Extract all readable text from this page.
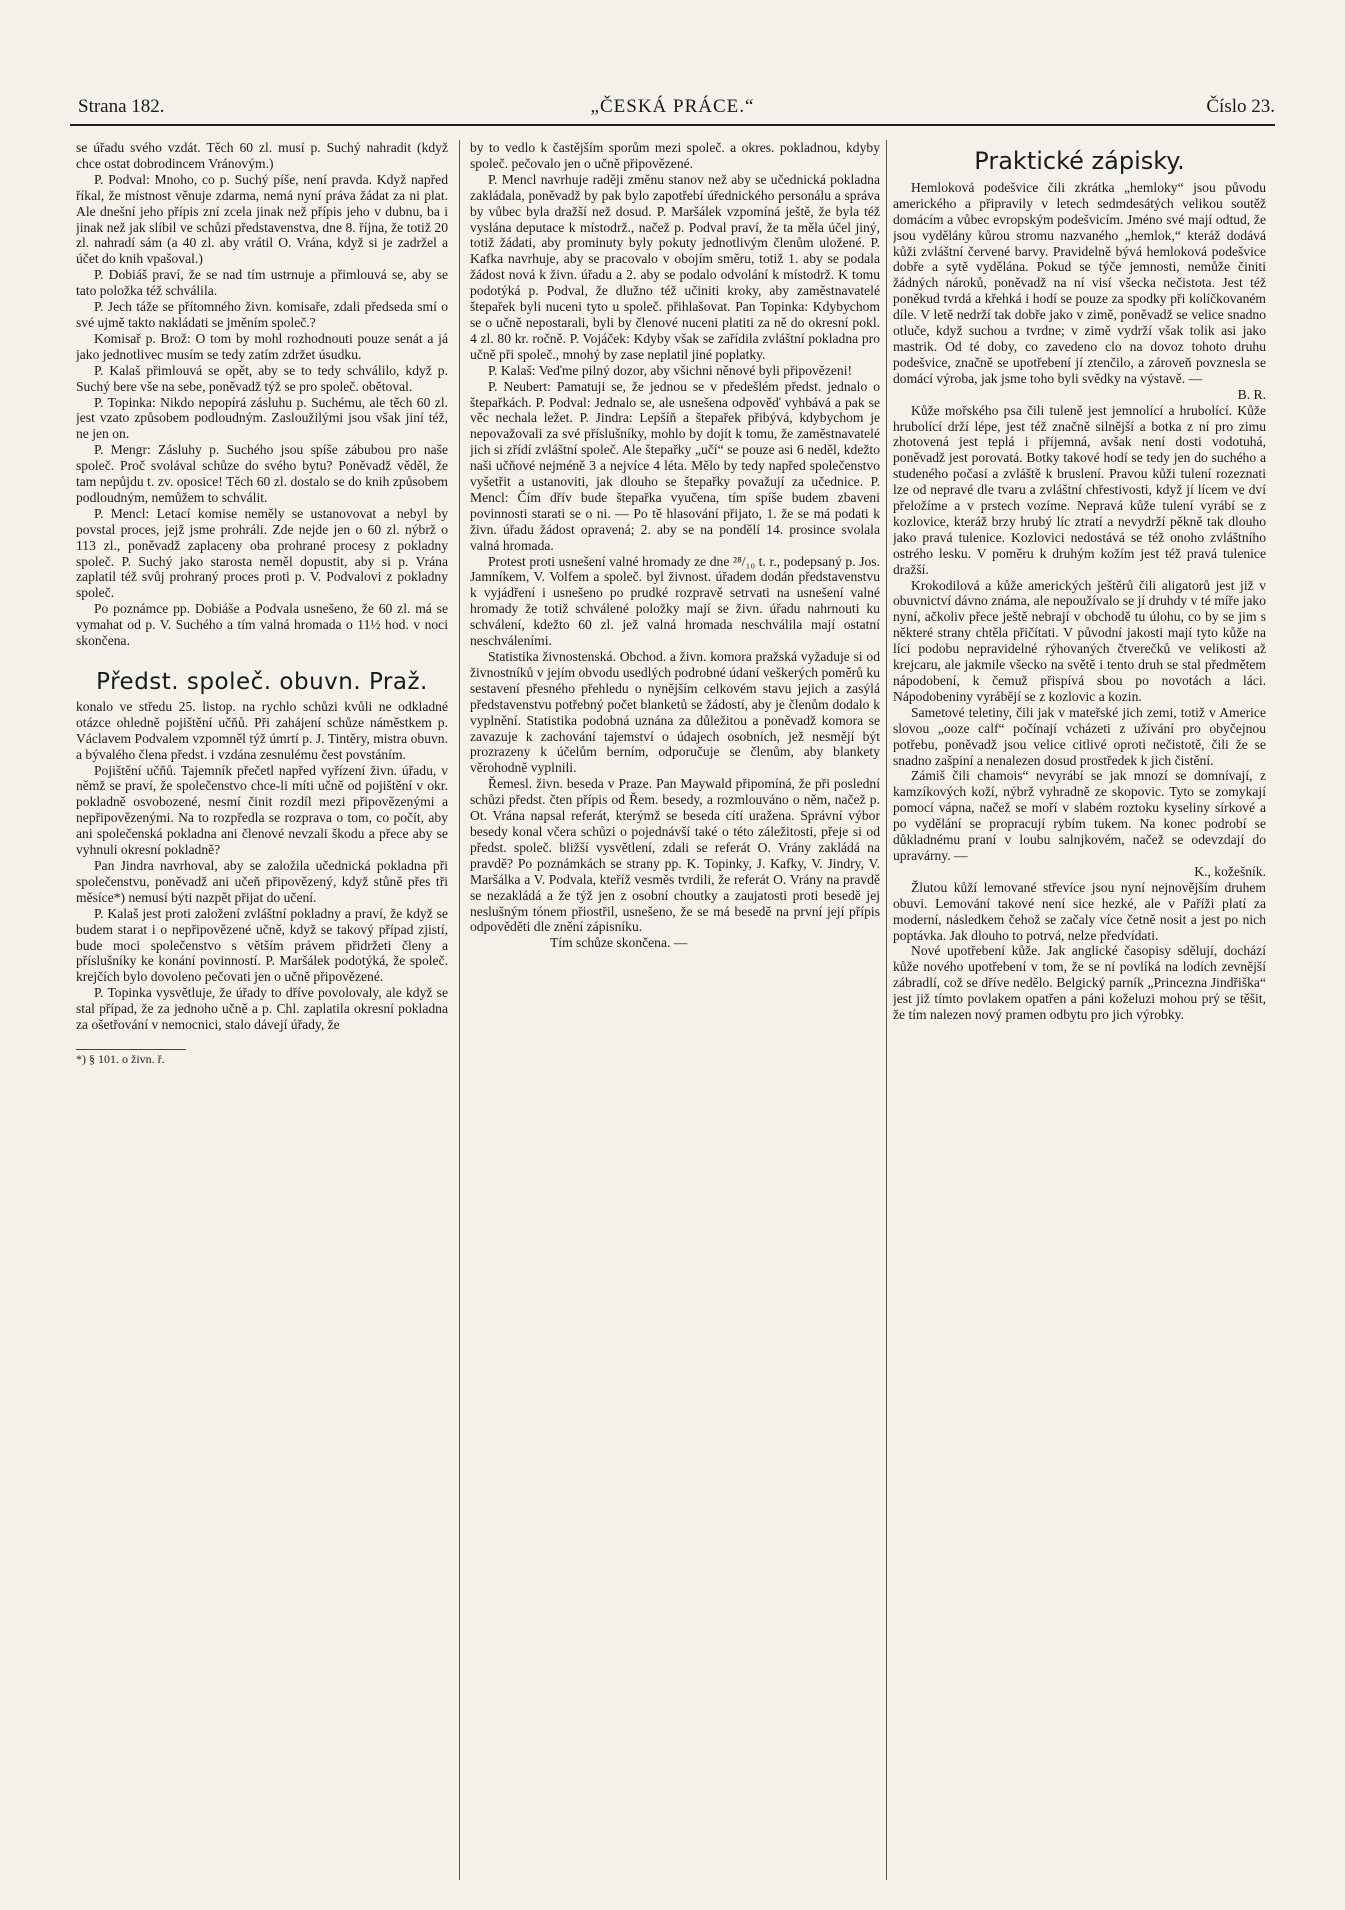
Strana 182.	„ČESKÁ PRÁCE.“	Číslo 23.

se úřadu svého vzdát. Těch 60 zl. musí p. Suchý nahradit (když chce ostat dobrodincem Vránovým.)

P. Podval: Mnoho, co p. Suchý píše, není pravda. Když napřed říkal, že místnost věnuje zdarma, nemá nyní práva žádat za ni plat. Ale dnešní jeho přípis zní zcela jinak než přípis jeho v dubnu, ba i jinak než jak slíbil ve schůzi představenstva, dne 8. října, že totiž 20 zl. nahradí sám (a 40 zl. aby vrátil O. Vrána, když si je zadržel a účet do knih vpašoval.)

P. Dobiáš praví, že se nad tím ustrnuje a přimlouvá se, aby se tato položka též schválila.

P. Jech táže se přítomného živn. komisaře, zdali předseda smí o své ujmě takto nakládati se jměním společ.?

Komisař p. Brož: O tom by mohl rozhodnouti pouze senát a já jako jednotlivec musím se tedy zatím zdržet úsudku.

P. Kalaš přimlouvá se opět, aby se to tedy schválilo, když p. Suchý bere vše na sebe, poněvadž týž se pro společ. obětoval.

P. Topinka: Nikdo nepopírá zásluhu p. Suchému, ale těch 60 zl. jest vzato způsobem podloudným. Zasloužilými jsou však jiní též, ne jen on.

P. Mengr: Zásluhy p. Suchého jsou spíše zábubou pro naše společ. Proč svolával schůze do svého bytu? Poněvadž věděl, že tam nepůjdu t. zv. oposice! Těch 60 zl. dostalo se do knih způsobem podloudným, nemůžem to schválit.

P. Mencl: Letací komise neměly se ustanovovat a nebyl by povstal proces, jejž jsme prohráli. Zde nejde jen o 60 zl. nýbrž o 113 zl., poněvadž zaplaceny oba prohrané procesy z pokladny společ. P. Suchý jako starosta neměl dopustit, aby si p. Vrána zaplatil též svůj prohraný proces proti p. V. Podvalovi z pokladny společ.

Po poznámce pp. Dobiáše a Podvala usnešeno, že 60 zl. má se vymahat od p. V. Suchého a tím valná hromada o 11½ hod. v noci skončena.

Předst. společ. obuvn. Praž.

konalo ve středu 25. listop. na rychlo schůzi kvůli ne odkladné otázce ohledně pojištění učňů. Při zahájení schůze náměstkem p. Václavem Podvalem vzpomněl týž úmrtí p. J. Tintěry, mistra obuvn. a bývalého člena předst. i vzdána zesnulému čest povstáním.

Pojištění učňů. Tajemník přečetl napřed vyřízení živn. úřadu, v němž se praví, že společenstvo chce-li míti učně od pojištění v okr. pokladně osvobozené, nesmí činit rozdíl mezi připovězenými a nepřipovězenými. Na to rozpředla se rozprava o tom, co počít, aby ani společenská pokladna ani členové nevzali škodu a přece aby se vyhnuli okresní pokladně?

Pan Jindra navrhoval, aby se založila učednická pokladna při společenstvu, poněvadž ani učeň připovězený, když stůně přes tři měsíce*) nemusí býti nazpět přijat do učení.

P. Kalaš jest proti založení zvláštní pokladny a praví, že když se budem starat i o nepřipovězené učně, když se takový případ zjistí, bude moci společenstvo s větším právem přidržeti členy a příslušníky ke konání povinností. P. Maršálek podotýká, že společ. krejčích bylo dovoleno pečovati jen o učně připovězené.

P. Topinka vysvětluje, že úřady to dříve povolovaly, ale když se stal případ, že za jednoho učně a p. Chl. zaplatila okresní pokladna za ošetřování v nemocnici, stalo dávejí úřady, že

*) § 101. o živn. ř.

by to vedlo k častějším sporům mezi společ. a okres. pokladnou, kdyby společ. pečovalo jen o učně připovězené.

P. Mencl navrhuje raději změnu stanov než aby se učednická pokladna zakládala, poněvadž by pak bylo zapotřebí úřednického personálu a správa by vůbec byla dražší než dosud. P. Maršálek vzpomíná ještě, že byla též vyslána deputace k místodrž., načež p. Podval praví, že ta měla účel jiný, totiž žádati, aby prominuty byly pokuty jednotlivým členům uložené. P. Kafka navrhuje, aby se pracovalo v obojím směru, totiž 1. aby se podala žádost nová k živn. úřadu a 2. aby se podalo odvolání k místodrž. K tomu podotýká p. Podval, že dlužno též učiniti kroky, aby zaměstnavatelé štepařek byli nuceni tyto u společ. přihlašovat. Pan Topinka: Kdybychom se o učně nepostarali, byli by členové nuceni platiti za ně do okresní pokl. 4 zl. 80 kr. ročně. P. Vojáček: Kdyby však se zařídila zvláštní pokladna pro učně při společ., mnohý by zase neplatil jiné poplatky.

P. Kalaš: Veďme pilný dozor, aby všichni něnové byli připovězeni!

P. Neubert: Pamatuji se, že jednou se v předešlém předst. jednalo o štepařkách. P. Podval: Jednalo se, ale usnešena odpověď vyhbává a pak se věc nechala ležet. P. Jindra: Lepšíň a štepařek přibývá, kdybychom je nepovažovali za své příslušníky, mohlo by dojít k tomu, že zaměstnavatelé jich si zřídí zvláštní společ. Ale štepařky „učí“ se pouze asi 6 neděl, kdežto naši učňové nejméně 3 a nejvíce 4 léta. Mělo by tedy napřed společenstvo vyšetřit a ustanoviti, jak dlouho se štepařky považují za učednice. P. Mencl: Čím dřív bude štepařka vyučena, tím spíše budem zbaveni povinnosti starati se o ni. — Po tě hlasování přijato, 1. že se má podati k živn. úřadu žádost opravená; 2. aby se na pondělí 14. prosince svolala valná hromada.

Protest proti usnešení valné hromady ze dne ²⁸/₁₀ t. r., podepsaný p. Jos. Jamníkem, V. Volfem a společ. byl živnost. úřadem dodán představenstvu k vyjádření i usnešeno po prudké rozpravě setrvati na usnešení valné hromady že totiž schválené položky mají se živn. úřadu nahrnouti ku schválení, kdežto 60 zl. jež valná hromada neschválila mají ostatní neschváleními.

Statistika živnostenská. Obchod. a živn. komora pražská vyžaduje si od živnostníků v jejím obvodu usedlých podrobné údaní veškerých poměrů ku sestavení přesného přehledu o nynějším celkovém stavu jejich a zasýlá představenstvu potřebný počet blanketů se žádostí, aby je členům dodalo k vyplnění. Statistika podobná uznána za důležitou a poněvadž komora se zavazuje k zachování tajemství o údajech osobních, jež nesmějí být prozrazeny k účelům berním, odporučuje se členům, aby blankety věrohodně vyplnili.

Řemesl. živn. beseda v Praze. Pan Maywald připomíná, že při poslední schůzi předst. čten přípis od Řem. besedy, a rozmlouváno o něm, načež p. Ot. Vrána napsal referát, kterýmž se beseda cítí uražena. Správní výbor besedy konal včera schůzi o pojednávší také o této záležitosti, přeje si od předst. společ. bližší vysvětlení, zdali se referát O. Vrány zakládá na pravdě? Po poznámkách se strany pp. K. Topinky, J. Kafky, V. Jindry, V. Maršálka a V. Podvala, kteříž vesměs tvrdili, že referát O. Vrány na pravdě se nezakládá a že týž jen z osobní choutky a zaujatosti proti besedě jej neslušným tónem přiostřil, usnešeno, že se má besedě na první její přípis odpověděti dle znění zápisníku.

Tím schůze skončena. —

Praktické zápisky.

Hemloková podešvice čili zkrátka „hemloky“ jsou původu amerického a připravily v letech sedmdesátých velikou soutěž domácím a vůbec evropským podešvicím. Jméno své mají odtud, že jsou vydělány kůrou stromu nazvaného „hemlok,“ kteráž dodává kůži zvláštní červené barvy. Pravidelně bývá hemloková podešvice dobře a sytě vydělána. Pokud se týče jemnosti, nemůže činiti žádných nároků, poněvadž na ní visí všecka nečistota. Jest též poněkud tvrdá a křehká i hodí se pouze za spodky při kolíčkovaném díle. V letě nedrží tak dobře jako v zimě, poněvadž se velice snadno otluče, když suchou a tvrdne; v zimě vydrží však tolik asi jako mastrik. Od té doby, co zavedeno clo na dovoz tohoto druhu podešvice, značně se upotřebení jí ztenčilo, a zároveň povznesla se domácí výroba, jak jsme toho byli svědky na výstavě. —

B. R.

Kůže mořského psa čili tuleně jest jemnolící a hrubolící. Kůže hrubolící drží lépe, jest též značně silnější a botka z ní pro zimu zhotovená jest teplá i příjemná, avšak není dosti vodotuhá, poněvadž jest porovatá. Botky takové hodí se tedy jen do suchého a studeného počasí a zvláště k bruslení. Pravou kůži tulení rozeznati lze od nepravé dle tvaru a zvláštní chřestivosti, když jí lícem ve dví přeložíme a v prstech vozíme. Nepravá kůže tulení vyrábí se z kozlovice, kteráž brzy hrubý líc ztratí a nevydrží pěkně tak dlouho jako pravá tulenice. Kozlovici nedostává se též onoho zvláštního ostrého lesku. V poměru k druhým kožím jest též pravá tulenice dražší.

Krokodilová a kůže amerických ještěrů čili aligatorů jest již v obuvnictví dávno známa, ale nepoužívalo se jí druhdy v té míře jako nyní, ačkoliv přece ještě nebrají v obchodě tu úlohu, co by se jim s některé strany chtěla přičítati. V původní jakosti mají tyto kůže na líci podobu nepravidelné rýhovaných čtverečků ve velikosti až krejcaru, ale jakmile všecko na světě i tento druh se stal předmětem nápodobení, k čemuž přispívá sbou po novotách a láci. Nápodobeniny vyrábějí se z kozlovic a kozin.

Sametové teletiny, čili jak v mateřské jich zemi, totiž v Americe slovou „ooze calf“ počínají vcházeti z užívání pro obyčejnou potřebu, poněvadž jsou velice citlivé oproti nečistotě, čili že se snadno zašpiní a nenalezen dosud prostředek k jich čistění.

Zámiš čili chamois“ nevyrábí se jak mnozí se domnívají, z kamzíkových koží, nýbrž vyhradně ze skopovic. Tyto se zomykají pomocí vápna, načež se moří v slabém roztoku kyseliny sírkové a po vydělání se propracují rybím tukem. Na konec podrobí se důkladnému praní v loubu salnjkovém, načež se odevzdají do upravárny. —

K., kožešník.

Žlutou kůží lemované střevíce jsou nyní nejnovějším druhem obuvi. Lemování takové není sice hezké, ale v Paříži platí za moderní, následkem čehož se začaly více četně nosit a jest po nich poptávka. Jak dlouho to potrvá, nelze předvídati.

Nové upotřebení kůže. Jak anglické časopisy sdělují, dochází kůže nového upotřebení v tom, že se ní povlíká na lodích zevnější zábradlí, což se dříve nedělo. Belgický parník „Princezna Jindřiška“ jest již tímto povlakem opatřen a páni koželuzi mohou prý se těšit, že tím nalezen nový pramen odbytu pro jich výrobky.
